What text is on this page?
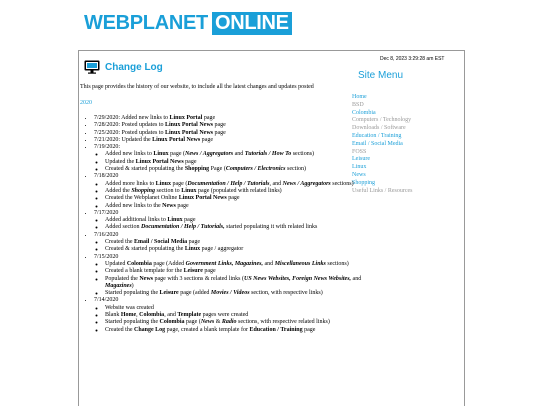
WEBPLANET ONLINE
Dec 8, 2023 3:29:28 am EST
Site Menu
Home
BSD
Colombia
Computers / Technology
Downloads / Software
Education / Training
Email / Social Media
FOSS
Leisure
Linux
News
Shopping
Useful Links / Resources
Change Log
This page provides the history of our website, to include all the latest changes and updates posted
2020
• 7/29/2020: Added new links to Linux Portal page
• 7/28/2020: Posted updates to Linux Portal News page
• 7/25/2020: Posted updates to Linux Portal News page
• 7/21/2020: Updated the Linux Portal News page
• 7/19/2020:
◦ Added new links to Linux page (News / Aggregators and Tutorials / How To sections)
◦ Updated the Linux Portal News page
◦ Created & started populating the Shopping Page (Computers / Electronics section)
• 7/18/2020
◦ Added more links to Linux page (Documentation / Help / Tutorials, and News / Aggregators sections)
◦ Added the Shopping section to Linux page (populated with related links)
◦ Created the Webplanet Online Linux Portal News page
◦ Added new links to the News page
• 7/17/2020
◦ Added additional links to Linux page
◦ Added section Documentation / Help / Tutorials, started populating it with related links
• 7/16/2020
◦ Created the Email / Social Media page
◦ Created & started populating the Linux page / aggregator
• 7/15/2020
◦ Updated Colombia page (Added Government Links, Magazines, and Miscellaneous Links sections)
◦ Created a blank template for the Leisure page
◦ Populated the News page with 3 sections & related links (US News Websites, Foreign News Websites, and Magazines)
◦ Started populating the Leisure page (added Movies / Videos section, with respective links)
• 7/14/2020
◦ Website was created
◦ Blank Home, Colombia, and Template pages were created
◦ Started populating the Colombia page (News & Radio sections, with respective related links)
◦ Created the Change Log page, created a blank template for Education / Training page
